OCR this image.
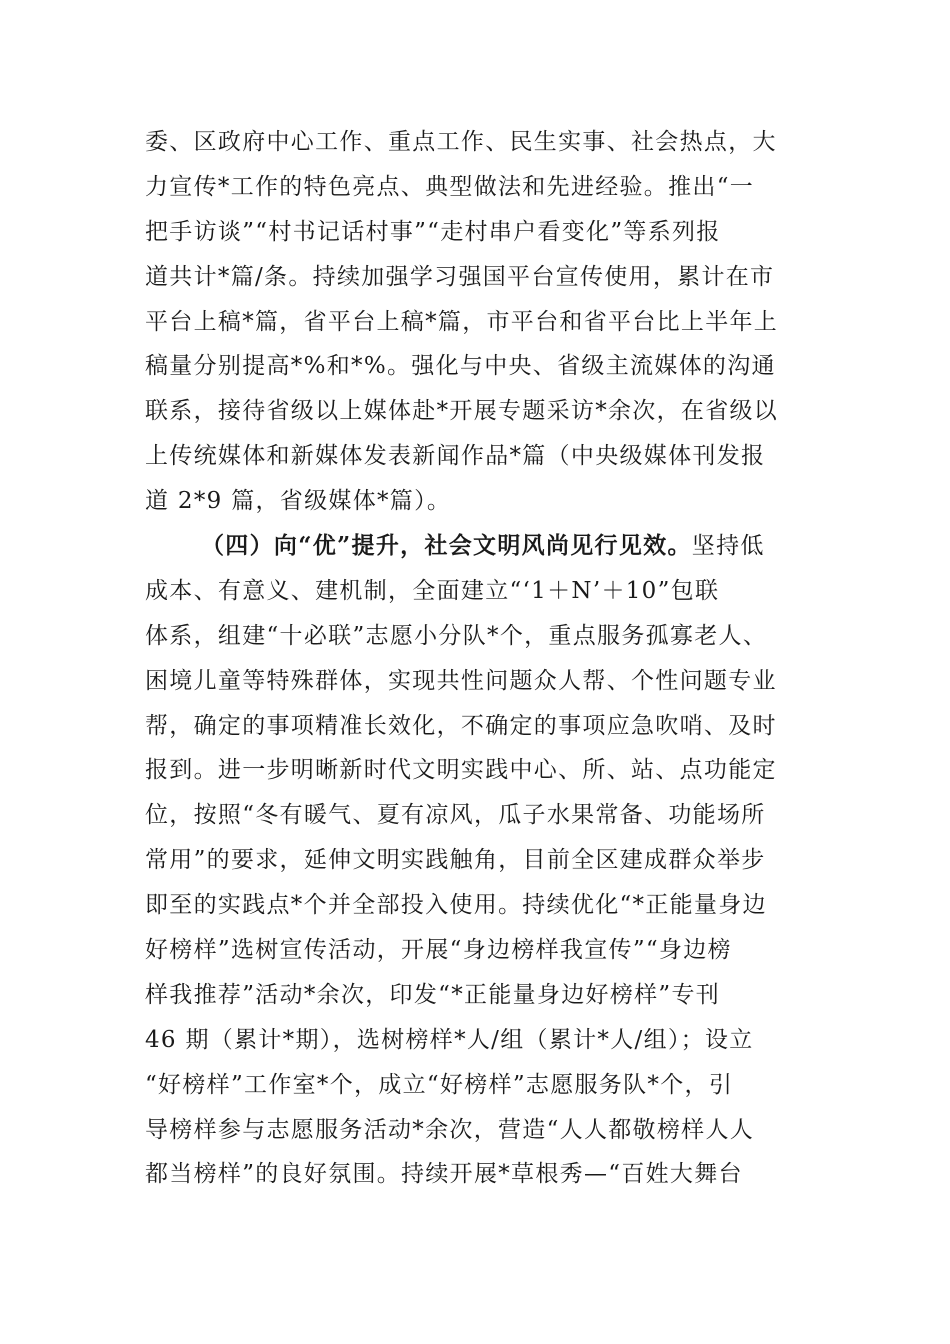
委、区政府中心工作、重点工作、民生实事、社会热点，大
力宣传*工作的特色亮点、典型做法和先进经验。推出“一
把手访谈”“村书记话村事”“走村串户看变化”等系列报
道共计*篇/条。持续加强学习强国平台宣传使用，累计在市
平台上稿*篇，省平台上稿*篇，市平台和省平台比上半年上
稿量分别提高*%和*%。强化与中央、省级主流媒体的沟通
联系，接待省级以上媒体赴*开展专题采访*余次，在省级以
上传统媒体和新媒体发表新闻作品*篇（中央级媒体刊发报
道 2*9 篇，省级媒体*篇）。
（四）向“优”提升，社会文明风尚见行见效。坚持低
成本、有意义、建机制，全面建立“‘1＋N’＋10”包联
体系，组建“十必联”志愿小分队*个，重点服务孤寡老人、
困境儿童等特殊群体，实现共性问题众人帮、个性问题专业
帮，确定的事项精准长效化，不确定的事项应急吹哨、及时
报到。进一步明晰新时代文明实践中心、所、站、点功能定
位，按照“冬有暖气、夏有凉风，瓜子水果常备、功能场所
常用”的要求，延伸文明实践触角，目前全区建成群众举步
即至的实践点*个并全部投入使用。持续优化“*正能量身边
好榜样”选树宣传活动，开展“身边榜样我宣传”“身边榜
样我推荐”活动*余次，印发“*正能量身边好榜样”专刊
46 期（累计*期），选树榜样*人/组（累计*人/组）；设立
“好榜样”工作室*个，成立“好榜样”志愿服务队*个，引
导榜样参与志愿服务活动*余次，营造“人人都敬榜样人人
都当榜样”的良好氛围。持续开展*草根秀—“百姓大舞台
